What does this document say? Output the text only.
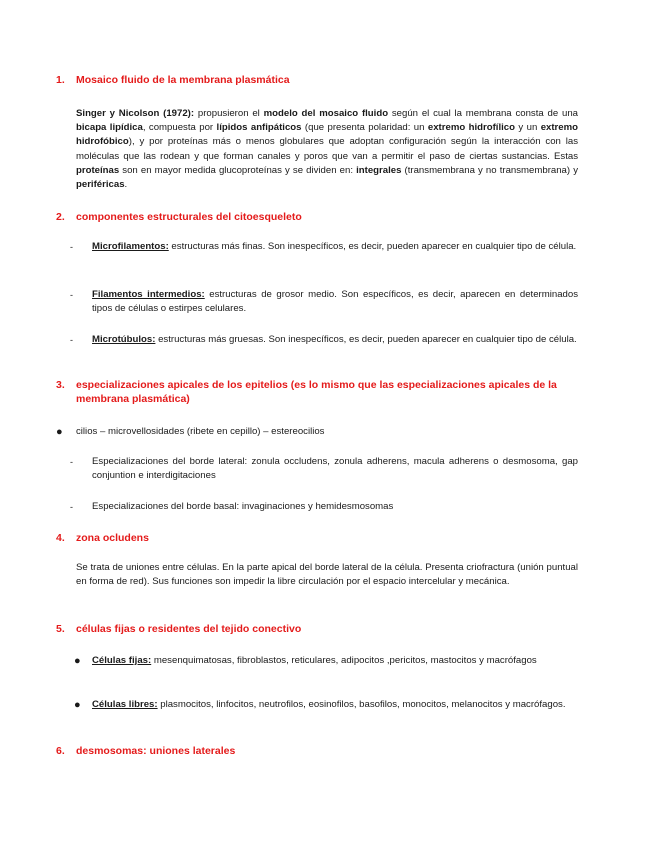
1. Mosaico fluido de la membrana plasmática
Singer y Nicolson (1972): propusieron el modelo del mosaico fluido según el cual la membrana consta de una bicapa lipídica, compuesta por lípidos anfipáticos (que presenta polaridad: un extremo hidrofílico y un extremo hidrofóbico), y por proteínas más o menos globulares que adoptan configuración según la interacción con las moléculas que las rodean y que forman canales y poros que van a permitir el paso de ciertas sustancias. Estas proteínas son en mayor medida glucoproteínas y se dividen en: integrales (transmembrana y no transmembrana) y periféricas.
2. componentes estructurales del citoesqueleto
- Microfilamentos: estructuras más finas. Son inespecíficos, es decir, pueden aparecer en cualquier tipo de célula.
- Filamentos intermedios: estructuras de grosor medio. Son específicos, es decir, aparecen en determinados tipos de células o estirpes celulares.
- Microtúbulos: estructuras más gruesas. Son inespecíficos, es decir, pueden aparecer en cualquier tipo de célula.
3. especializaciones apicales de los epitelios (es lo mismo que las especializaciones apicales de la membrana plasmática)
● cilios – microvellosidades (ribete en cepillo) – estereocilios
- Especializaciones del borde lateral: zonula occludens, zonula adherens, macula adherens o desmosoma, gap conjuntion e interdigitaciones
- Especializaciones del borde basal: invaginaciones y hemidesmosomas
4. zona ocludens
Se trata de uniones entre células. En la parte apical del borde lateral de la célula. Presenta criofractura (unión puntual en forma de red). Sus funciones son impedir la libre circulación por el espacio intercelular y mecánica.
5. células fijas o residentes del tejido conectivo
● Células fijas: mesenquimatosas, fibroblastos, reticulares, adipocitos ,pericitos, mastocitos y macrófagos
● Células libres: plasmocitos, linfocitos, neutrofilos, eosinofilos, basofilos, monocitos, melanocitos y macrófagos.
6. desmosomas: uniones laterales
